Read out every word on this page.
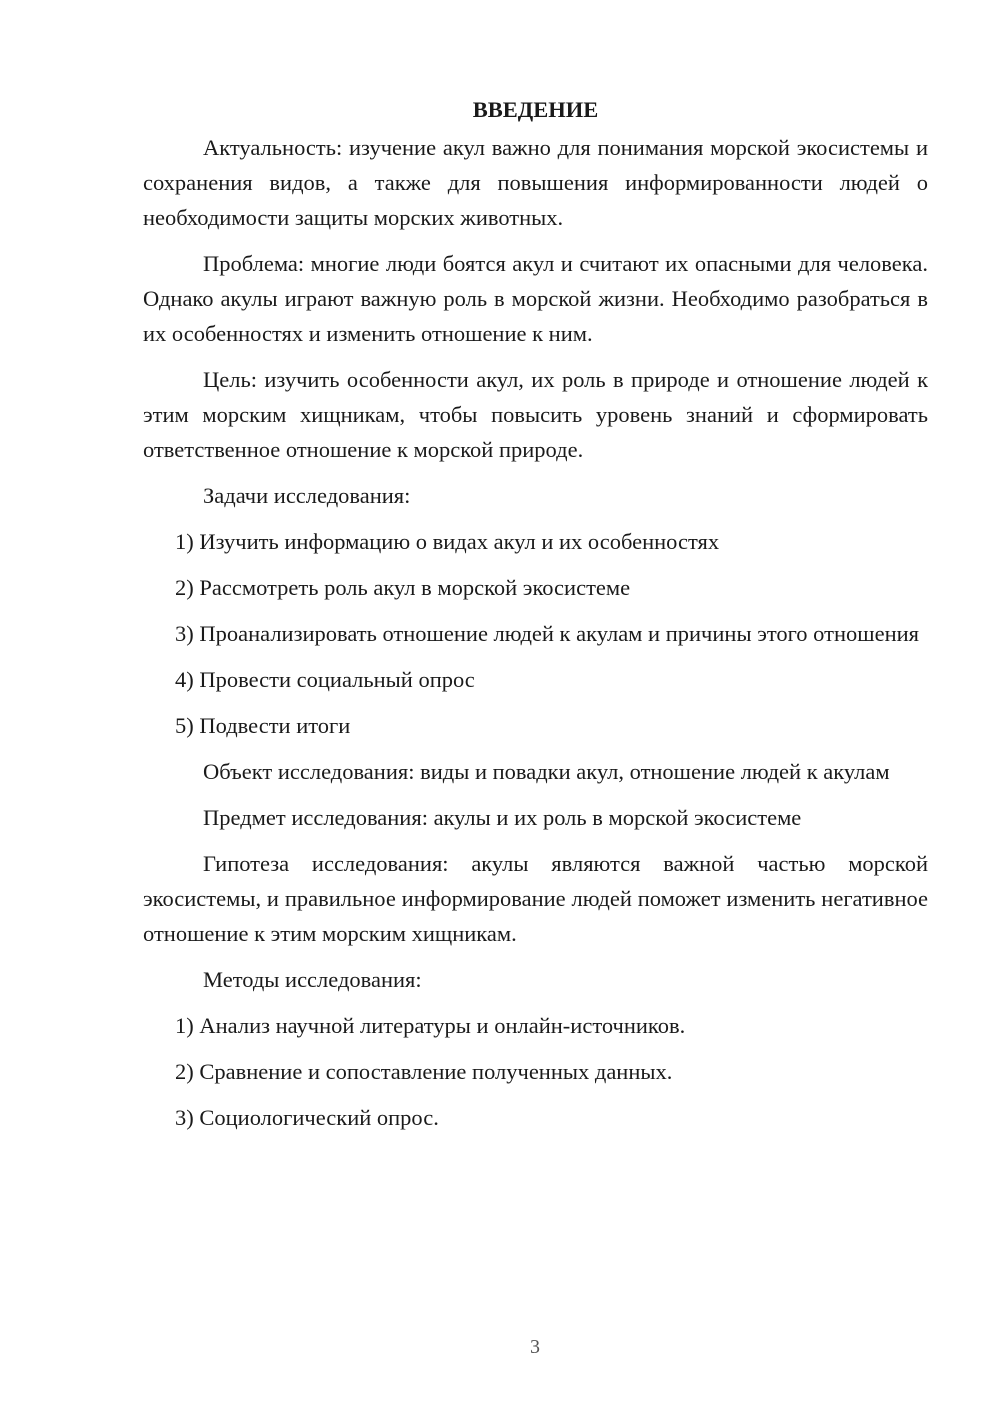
ВВЕДЕНИЕ
Актуальность: изучение акул важно для понимания морской экосистемы и сохранения видов, а также для повышения информированности людей о необходимости защиты морских животных.
Проблема: многие люди боятся акул и считают их опасными для человека. Однако акулы играют важную роль в морской жизни. Необходимо разобраться в их особенностях и изменить отношение к ним.
Цель: изучить особенности акул, их роль в природе и отношение людей к этим морским хищникам, чтобы повысить уровень знаний и сформировать ответственное отношение к морской природе.
Задачи исследования:
1) Изучить информацию о видах акул и их особенностях
2) Рассмотреть роль акул в морской экосистеме
3) Проанализировать отношение людей к акулам и причины этого отношения
4) Провести социальный опрос
5) Подвести итоги
Объект исследования: виды и повадки акул, отношение людей к акулам
Предмет исследования: акулы и их роль в морской экосистеме
Гипотеза исследования: акулы являются важной частью морской экосистемы, и правильное информирование людей поможет изменить негативное отношение к этим морским хищникам.
Методы исследования:
1) Анализ научной литературы и онлайн-источников.
2) Сравнение и сопоставление полученных данных.
3) Социологический опрос.
3
